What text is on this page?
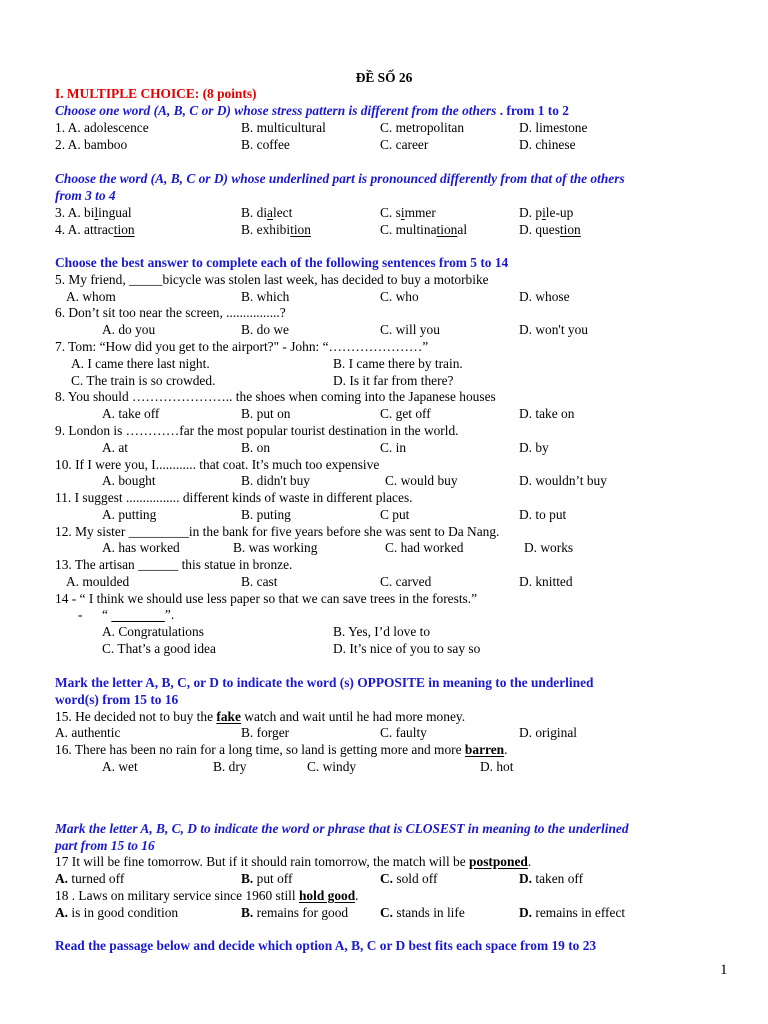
ĐỀ SỐ 26
I. MULTIPLE CHOICE: (8 points)
Choose one word (A, B, C or D) whose stress pattern is different from the others . from 1 to 2
1. A. adolescence	B. multicultural	C. metropolitan	D. limestone
2. A. bamboo	B. coffee	C. career	D. chinese
Choose the word (A, B, C or D) whose underlined part is pronounced differently from that of the others
from 3 to 4
3. A. bilingual	B. dialect	C. simmer	D. pile-up
4. A. attraction	B. exhibition	C. multinational	D. question
Choose the best answer to complete each of the following sentences from 5 to 14
5. My friend, _____bicycle was stolen last week, has decided to buy a motorbike
A. whom	B. which	C. who	D. whose
6. Don’t sit too near the screen, ................?
A. do you	B. do we	C. will you	D. won't you
7. Tom: “How did you get to the airport?" - John: “…………………”
A. I came there last night.	B. I came there by train.
C. The train is so crowded.	D. Is it far from there?
8. You should ………………….. the shoes when coming into the Japanese houses
A. take off	B. put on	C. get off	D. take on
9. London is …………far the most popular tourist destination in the world.
A. at	B. on	C. in	D. by
10. If I were you, I............ that coat. It’s much too expensive
A. bought	B. didn't buy	C. would buy	D. wouldn’t buy
11. I suggest ................ different kinds of waste in different places.
A. putting	B. puting	C put	D. to put
12. My sister _________in the bank for five years before she was sent to Da Nang.
A. has worked	B. was working	C. had worked	D. works
13. The artisan ______ this statue in bronze.
A. moulded	B. cast	C. carved	D. knitted
14 - “ I think we should use less paper so that we can save trees in the forests.”
- “	”.
A. Congratulations	B. Yes, I’d love to
C. That’s a good idea	D. It’s nice of you to say so
Mark the letter A, B, C, or D to indicate the word (s) OPPOSITE in meaning to the underlined
word(s) from 15 to 16
15. He decided not to buy the fake watch and wait until he had more money.
A. authentic	B. forger	C. faulty	D. original
16. There has been no rain for a long time, so land is getting more and more barren.
A. wet	B. dry	C. windy	D. hot
Mark the letter A, B, C, D to indicate the word or phrase that is CLOSEST in meaning to the underlined
part from 15 to 16
17 It will be fine tomorrow. But if it should rain tomorrow, the match will be postponed.
A. turned off	B. put off	C. sold off	D. taken off
18 . Laws on military service since 1960 still hold good.
A. is in good condition	B. remains for good C. stands in life	D. remains in effect
Read the passage below and decide which option A, B, C or D best fits each space from 19 to 23
1
